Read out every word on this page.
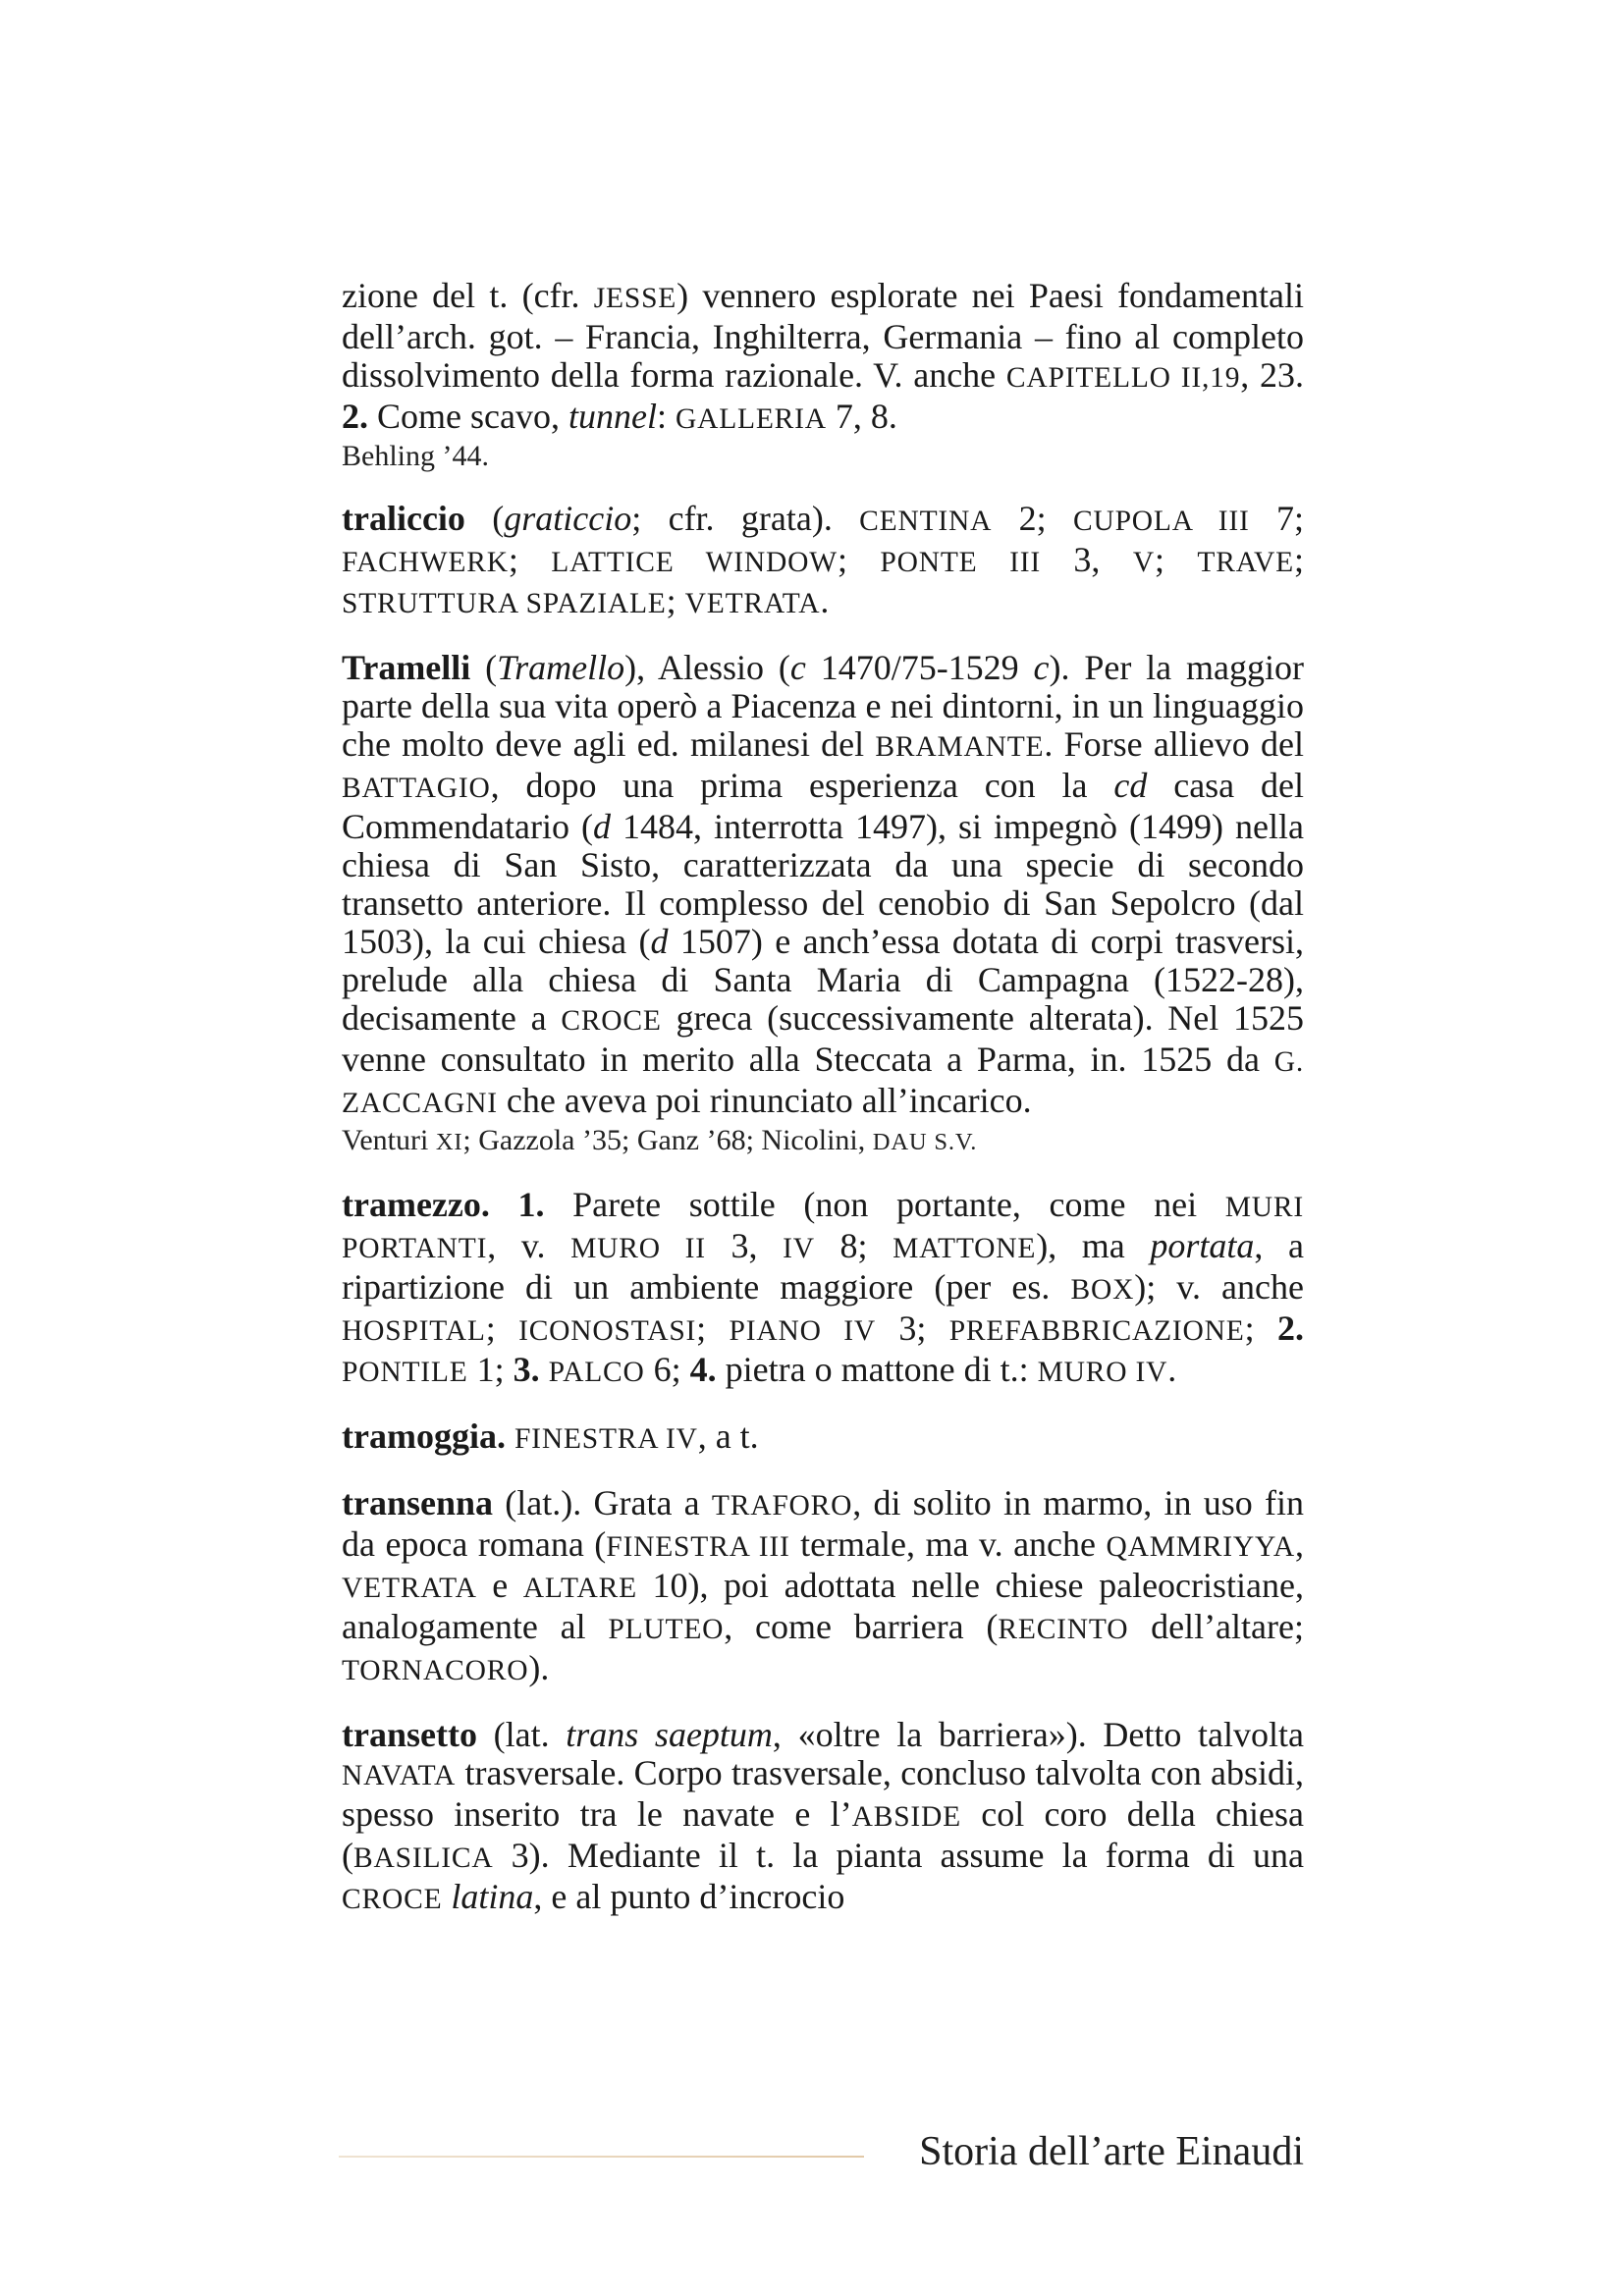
zione del t. (cfr. JESSE) vennero esplorate nei Paesi fondamentali dell’arch. got. – Francia, Inghilterra, Germania – fino al completo dissolvimento della forma razionale. V. anche CAPITELLO II,19, 23. 2. Come scavo, tunnel: GALLERIA 7, 8.

Behling ’44.

traliccio (graticcio; cfr. grata). CENTINA 2; CUPOLA III 7; FACHWERK; LATTICE WINDOW; PONTE III 3, V; TRAVE; STRUTTURA SPAZIALE; VETRATA.

Tramelli (Tramello), Alessio (c 1470/75-1529 c). Per la maggior parte della sua vita operò a Piacenza e nei dintorni, in un linguaggio che molto deve agli ed. milanesi del BRAMANTE. Forse allievo del BATTAGIO, dopo una prima esperienza con la cd casa del Commendatario (d 1484, interrotta 1497), si impegnò (1499) nella chiesa di San Sisto, caratterizzata da una specie di secondo transetto anteriore. Il complesso del cenobio di San Sepolcro (dal 1503), la cui chiesa (d 1507) e anch’essa dotata di corpi trasversi, prelude alla chiesa di Santa Maria di Campagna (1522-28), decisamente a CROCE greca (successivamente alterata). Nel 1525 venne consultato in merito alla Steccata a Parma, in. 1525 da G. ZACCAGNI che aveva poi rinunciato all’incarico.

Venturi XI; Gazzola ’35; Ganz ’68; Nicolini, DAU S.V.

tramezzo. 1. Parete sottile (non portante, come nei MURI PORTANTI, v. MURO II 3, IV 8; MATTONE), ma portata, a ripartizione di un ambiente maggiore (per es. BOX); v. anche HOSPITAL; ICONOSTASI; PIANO IV 3; PREFABBRICAZIONE; 2. PONTILE 1; 3. PALCO 6; 4. pietra o mattone di t.: MURO IV.

tramoggia. FINESTRA IV, a t.

transenna (lat.). Grata a TRAFORO, di solito in marmo, in uso fin da epoca romana (FINESTRA III termale, ma v. anche QAMMRIYYA, VETRATA e ALTARE 10), poi adottata nelle chiese paleocristiane, analogamente al PLUTEO, come barriera (RECINTO dell’altare; TORNACORO).

transetto (lat. trans saeptum, «oltre la barriera»). Detto talvolta NAVATA trasversale. Corpo trasversale, concluso talvolta con absidi, spesso inserito tra le navate e l’ABSIDE col coro della chiesa (BASILICA 3). Mediante il t. la pianta assume la forma di una CROCE latina, e al punto d’incrocio

Storia dell’arte Einaudi
